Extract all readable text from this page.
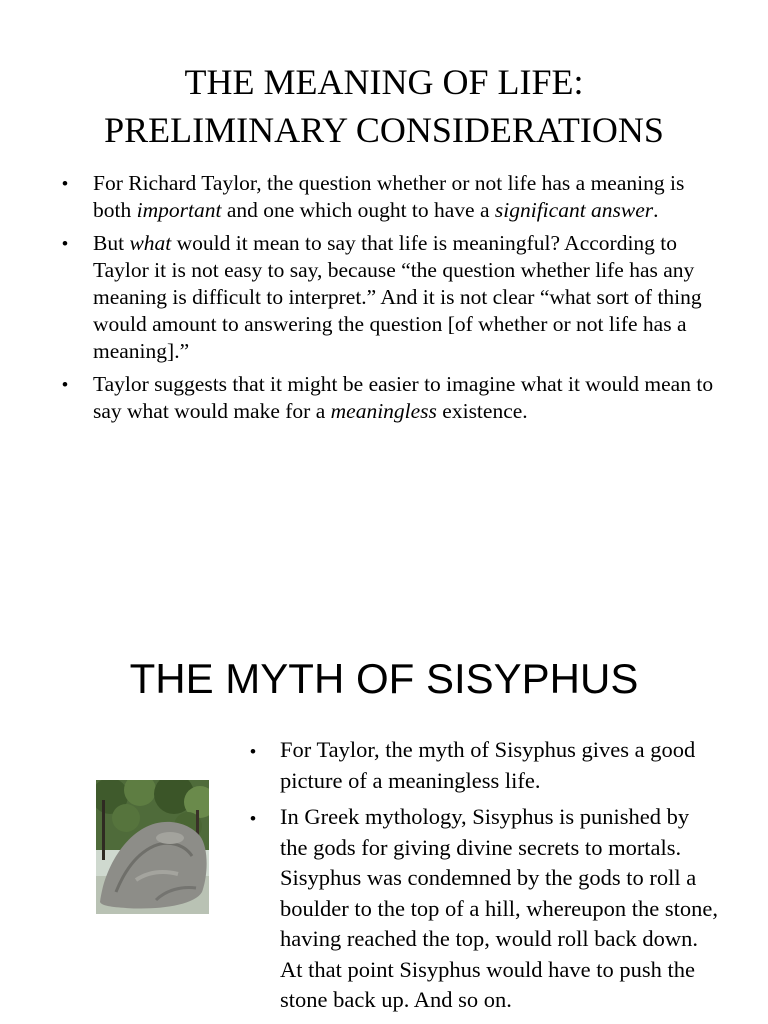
THE MEANING OF LIFE:
PRELIMINARY CONSIDERATIONS
• For Richard Taylor, the question whether or not life has a meaning is both important and one which ought to have a significant answer.
• But what would it mean to say that life is meaningful? According to Taylor it is not easy to say, because “the question whether life has any meaning is difficult to interpret.” And it is not clear “what sort of thing would amount to answering the question [of whether or not life has a meaning].”
• Taylor suggests that it might be easier to imagine what it would mean to say what would make for a meaningless existence.
THE MYTH OF SISYPHUS
• For Taylor, the myth of Sisyphus gives a good picture of a meaningless life.
• In Greek mythology, Sisyphus is punished by the gods for giving divine secrets to mortals. Sisyphus was condemned by the gods to roll a boulder to the top of a hill, whereupon the stone, having reached the top, would roll back down. At that point Sisyphus would have to push the stone back up. And so on.
